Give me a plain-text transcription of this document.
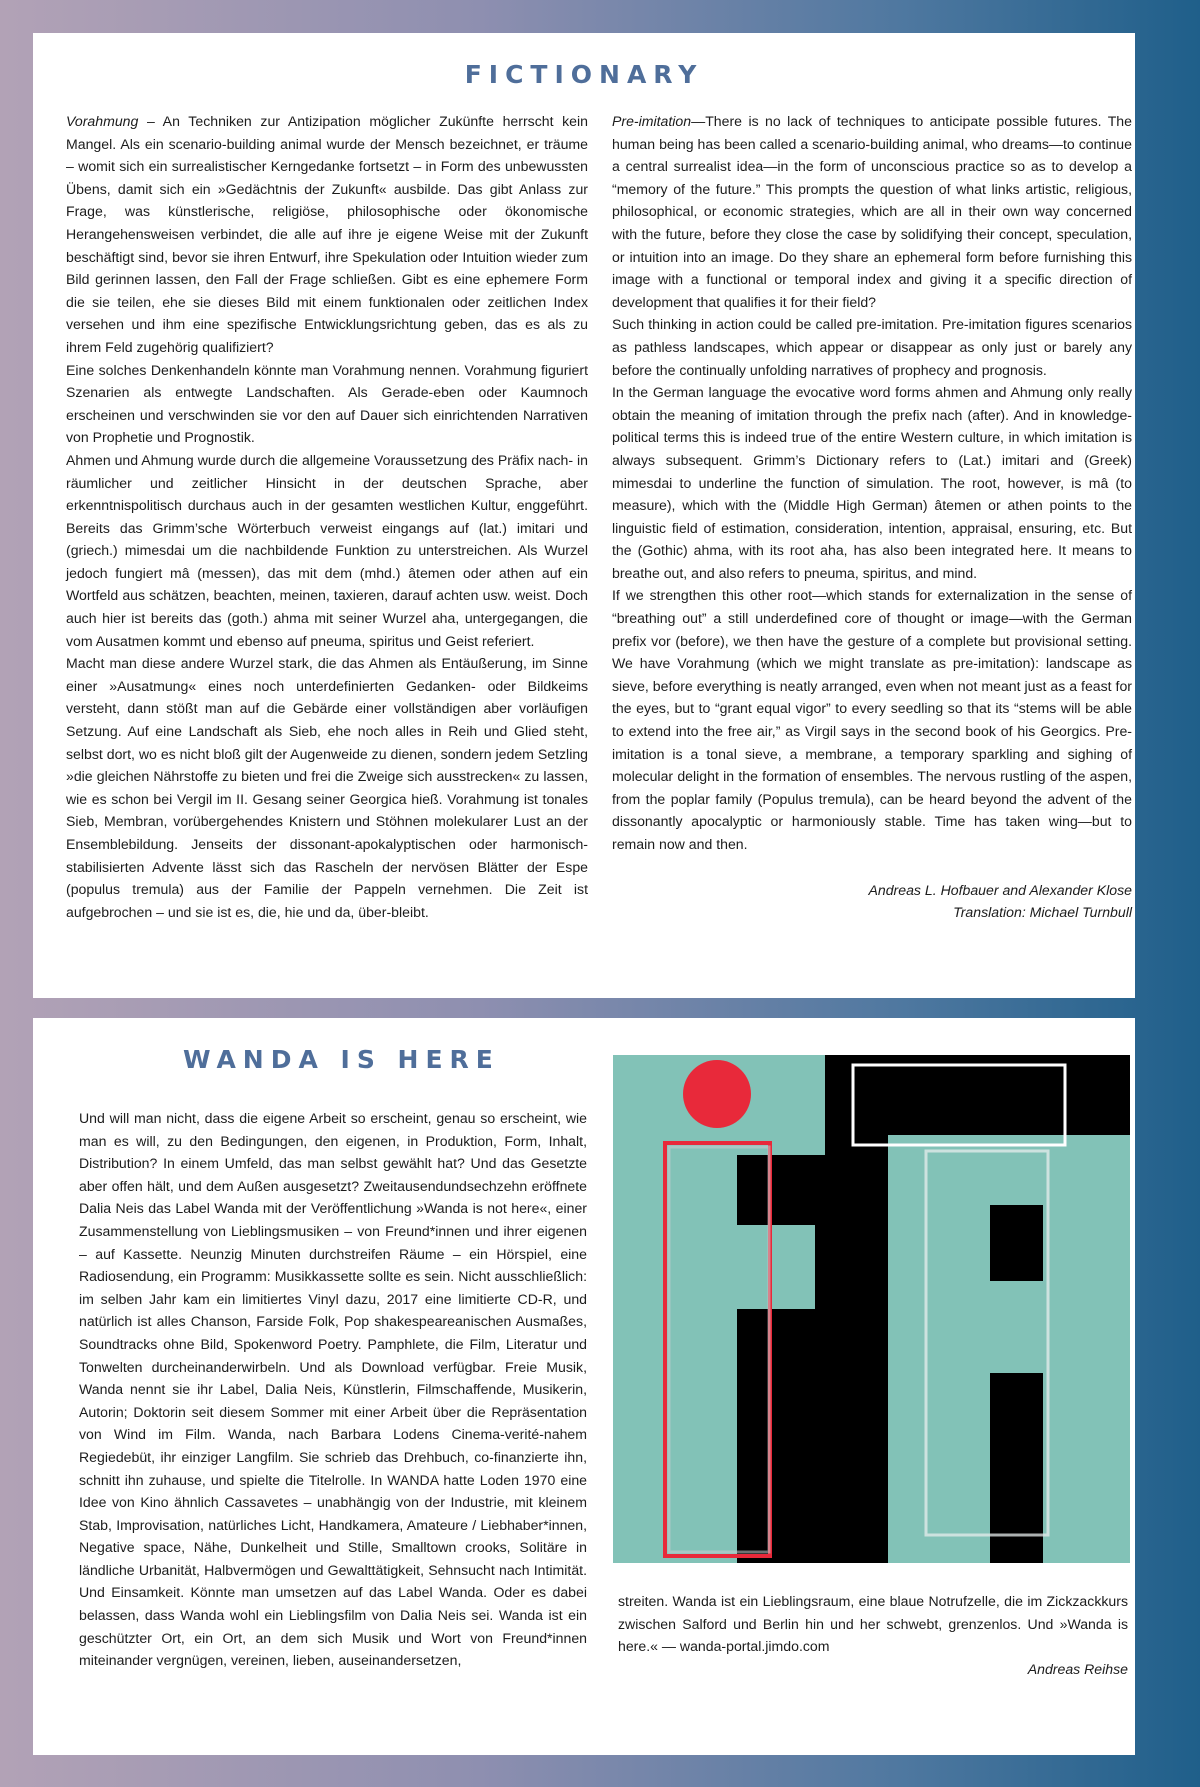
FICTIONARY

Vorahmung – An Techniken zur Antizipation möglicher Zukünfte herrscht kein Mangel. Als ein scenario-building animal wurde der Mensch bezeichnet, er träume – womit sich ein surrealistischer Kerngedanke fortsetzt – in Form des unbewussten Übens, damit sich ein »Gedächtnis der Zukunft« ausbilde. Das gibt Anlass zur Frage, was künstlerische, religiöse, philosophische oder ökonomische Herangehensweisen verbindet, die alle auf ihre je eigene Weise mit der Zukunft beschäftigt sind, bevor sie ihren Entwurf, ihre Spekulation oder Intuition wieder zum Bild gerinnen lassen, den Fall der Frage schließen. Gibt es eine ephemere Form die sie teilen, ehe sie dieses Bild mit einem funktionalen oder zeitlichen Index versehen und ihm eine spezifische Entwicklungsrichtung geben, das es als zu ihrem Feld zugehörig qualifiziert?

Eine solches Denkenhandeln könnte man Vorahmung nennen. Vorahmung figuriert Szenarien als entwegte Landschaften. Als Gerade-eben oder Kaumnoch erscheinen und verschwinden sie vor den auf Dauer sich einrichtenden Narrativen von Prophetie und Prognostik.

Ahmen und Ahmung wurde durch die allgemeine Voraussetzung des Präfix nach- in räumlicher und zeitlicher Hinsicht in der deutschen Sprache, aber erkenntnispolitisch durchaus auch in der gesamten westlichen Kultur, enggeführt. Bereits das Grimm’sche Wörterbuch verweist eingangs auf (lat.) imitari und (griech.) mimesdai um die nachbildende Funktion zu unterstreichen. Als Wurzel jedoch fungiert mâ (messen), das mit dem (mhd.) âtemen oder athen auf ein Wortfeld aus schätzen, beachten, meinen, taxieren, darauf achten usw. weist. Doch auch hier ist bereits das (goth.) ahma mit seiner Wurzel aha, untergegangen, die vom Ausatmen kommt und ebenso auf pneuma, spiritus und Geist referiert.

Macht man diese andere Wurzel stark, die das Ahmen als Entäußerung, im Sinne einer »Ausatmung« eines noch unterdefinierten Gedanken- oder Bildkeims versteht, dann stößt man auf die Gebärde einer vollständigen aber vorläufigen Setzung. Auf eine Landschaft als Sieb, ehe noch alles in Reih und Glied steht, selbst dort, wo es nicht bloß gilt der Augenweide zu dienen, sondern jedem Setzling »die gleichen Nährstoffe zu bieten und frei die Zweige sich ausstrecken« zu lassen, wie es schon bei Vergil im II. Gesang seiner Georgica hieß. Vorahmung ist tonales Sieb, Membran, vorübergehendes Knistern und Stöhnen molekularer Lust an der Ensemblebildung. Jenseits der dissonant-apokalyptischen oder harmonisch-stabilisierten Advente lässt sich das Rascheln der nervösen Blätter der Espe (populus tremula) aus der Familie der Pappeln vernehmen. Die Zeit ist aufgebrochen – und sie ist es, die, hie und da, über-bleibt.

Pre-imitation—There is no lack of techniques to anticipate possible futures. The human being has been called a scenario-building animal, who dreams—to continue a central surrealist idea—in the form of unconscious practice so as to develop a “memory of the future.” This prompts the question of what links artistic, religious, philosophical, or economic strategies, which are all in their own way concerned with the future, before they close the case by solidifying their concept, speculation, or intuition into an image. Do they share an ephemeral form before furnishing this image with a functional or temporal index and giving it a specific direction of development that qualifies it for their field?

Such thinking in action could be called pre-imitation. Pre-imitation figures scenarios as pathless landscapes, which appear or disappear as only just or barely any before the continually unfolding narratives of prophecy and prognosis.

In the German language the evocative word forms ahmen and Ahmung only really obtain the meaning of imitation through the prefix nach (after). And in knowledge-political terms this is indeed true of the entire Western culture, in which imitation is always subsequent. Grimm’s Dictionary refers to (Lat.) imitari and (Greek) mimesdai to underline the function of simulation. The root, however, is mâ (to measure), which with the (Middle High German) âtemen or athen points to the linguistic field of estimation, consideration, intention, appraisal, ensuring, etc. But the (Gothic) ahma, with its root aha, has also been integrated here. It means to breathe out, and also refers to pneuma, spiritus, and mind.

If we strengthen this other root—which stands for externalization in the sense of “breathing out” a still underdefined core of thought or image—with the German prefix vor (before), we then have the gesture of a complete but provisional setting. We have Vorahmung (which we might translate as pre-imitation): landscape as sieve, before everything is neatly arranged, even when not meant just as a feast for the eyes, but to “grant equal vigor” to every seedling so that its “stems will be able to extend into the free air,” as Virgil says in the second book of his Georgics. Pre-imitation is a tonal sieve, a membrane, a temporary sparkling and sighing of molecular delight in the formation of ensembles. The nervous rustling of the aspen, from the poplar family (Populus tremula), can be heard beyond the advent of the dissonantly apocalyptic or harmoniously stable. Time has taken wing—but to remain now and then.

Andreas L. Hofbauer and Alexander Klose

Translation: Michael Turnbull

WANDA IS HERE

Und will man nicht, dass die eigene Arbeit so erscheint, genau so erscheint, wie man es will, zu den Bedingungen, den eigenen, in Produktion, Form, Inhalt, Distribution? In einem Umfeld, das man selbst gewählt hat? Und das Gesetzte aber offen hält, und dem Außen ausgesetzt? Zweitausendundsechzehn eröffnete Dalia Neis das Label Wanda mit der Veröffentlichung »Wanda is not here«, einer Zusammenstellung von Lieblingsmusiken – von Freund*innen und ihrer eigenen – auf Kassette. Neunzig Minuten durchstreifen Räume – ein Hörspiel, eine Radiosendung, ein Programm: Musikkassette sollte es sein. Nicht ausschließlich: im selben Jahr kam ein limitiertes Vinyl dazu, 2017 eine limitierte CD-R, und natürlich ist alles Chanson, Farside Folk, Pop shakespeareanischen Ausmaßes, Soundtracks ohne Bild, Spokenword Poetry. Pamphlete, die Film, Literatur und Tonwelten durcheinanderwirbeln. Und als Download verfügbar. Freie Musik, Wanda nennt sie ihr Label, Dalia Neis, Künstlerin, Filmschaffende, Musikerin, Autorin; Doktorin seit diesem Sommer mit einer Arbeit über die Repräsentation von Wind im Film. Wanda, nach Barbara Lodens Cinema-verité-nahem Regiedebüt, ihr einziger Langfilm. Sie schrieb das Drehbuch, co-finanzierte ihn, schnitt ihn zuhause, und spielte die Titelrolle. In WANDA hatte Loden 1970 eine Idee von Kino ähnlich Cassavetes – unabhängig von der Industrie, mit kleinem Stab, Improvisation, natürliches Licht, Handkamera, Amateure / Liebhaber*innen, Negative space, Nähe, Dunkelheit und Stille, Smalltown crooks, Solitäre in ländliche Urbanität, Halbvermögen und Gewalttätigkeit, Sehnsucht nach Intimität. Und Einsamkeit. Könnte man umsetzen auf das Label Wanda. Oder es dabei belassen, dass Wanda wohl ein Lieblingsfilm von Dalia Neis sei. Wanda ist ein geschützter Ort, ein Ort, an dem sich Musik und Wort von Freund*innen miteinander vergnügen, vereinen, lieben, auseinandersetzen,

streiten. Wanda ist ein Lieblingsraum, eine blaue Notrufzelle, die im Zickzackkurs zwischen Salford und Berlin hin und her schwebt, grenzenlos. Und »Wanda is here.« — wanda-portal.jimdo.com

Andreas Reihse
